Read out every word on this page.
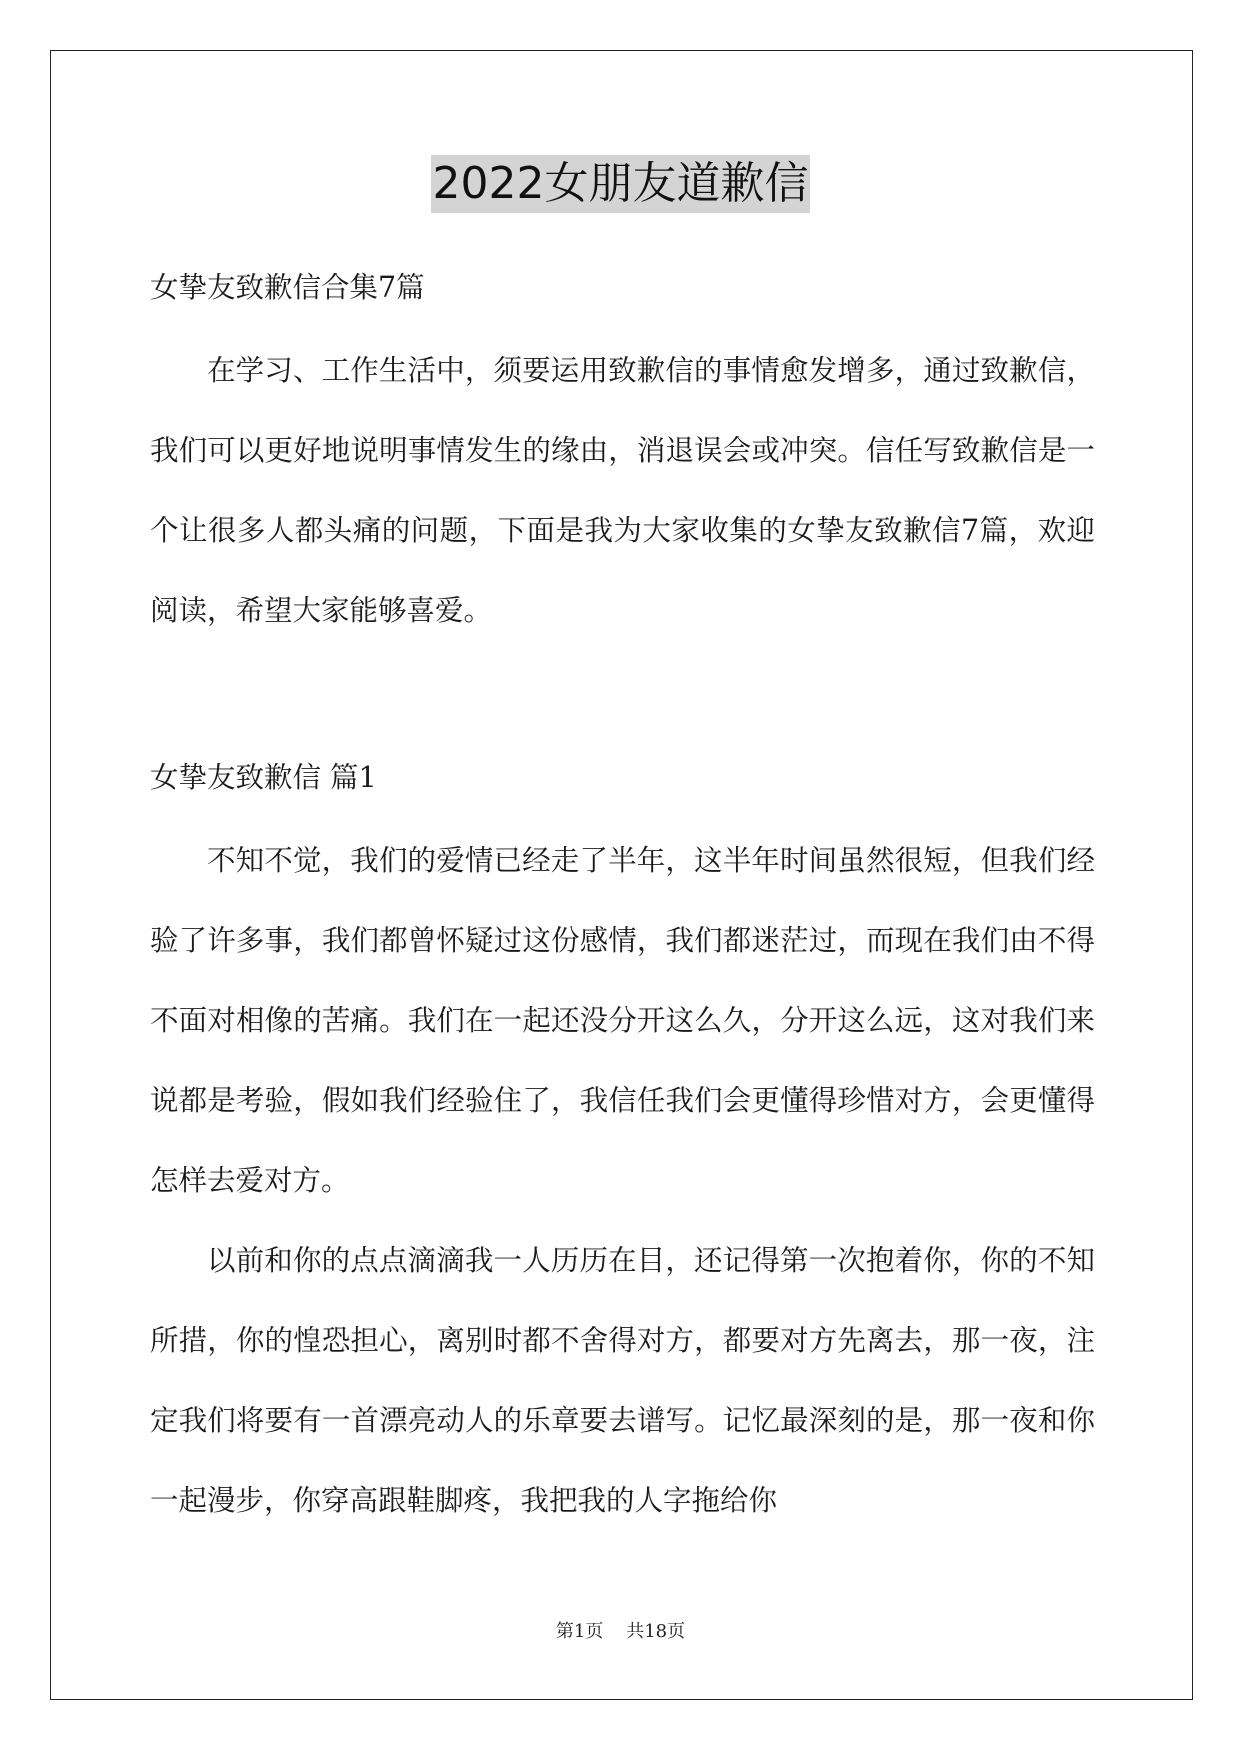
2022女朋友道歉信
女挚友致歉信合集7篇

在学习、工作生活中，须要运用致歉信的事情愈发增多，通过致歉信，我们可以更好地说明事情发生的缘由，消退误会或冲突。信任写致歉信是一个让很多人都头痛的问题，下面是我为大家收集的女挚友致歉信7篇，欢迎阅读，希望大家能够喜爱。

女挚友致歉信 篇1

不知不觉，我们的爱情已经走了半年，这半年时间虽然很短，但我们经验了许多事，我们都曾怀疑过这份感情，我们都迷茫过，而现在我们由不得不面对相像的苦痛。我们在一起还没分开这么久，分开这么远，这对我们来说都是考验，假如我们经验住了，我信任我们会更懂得珍惜对方，会更懂得怎样去爱对方。

以前和你的点点滴滴我一人历历在目，还记得第一次抱着你，你的不知所措，你的惶恐担心，离别时都不舍得对方，都要对方先离去，那一夜，注定我们将要有一首漂亮动人的乐章要去谱写。记忆最深刻的是，那一夜和你一起漫步，你穿高跟鞋脚疼，我把我的人字拖给你

第1页 共18页
